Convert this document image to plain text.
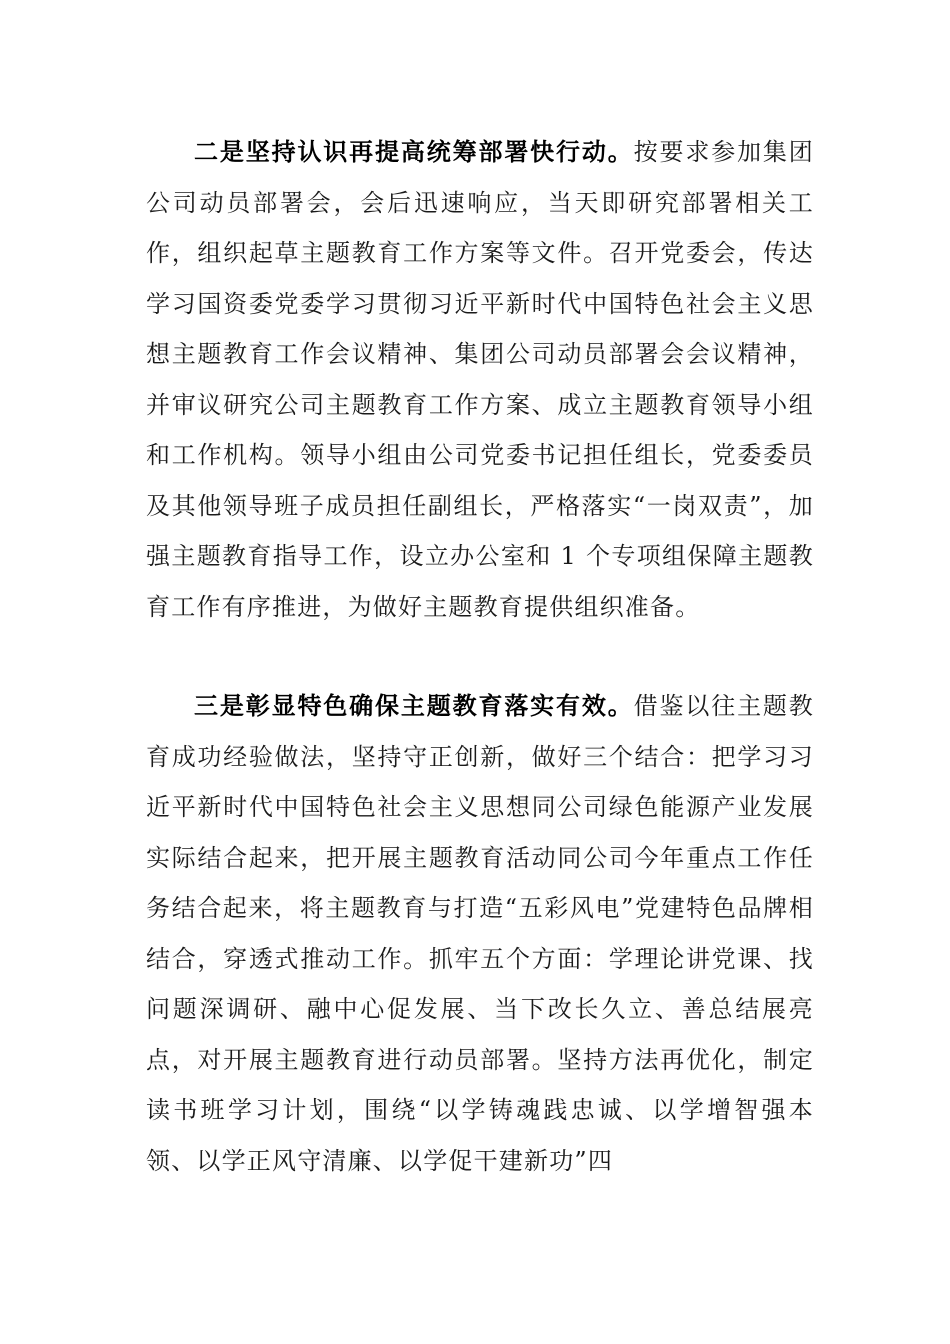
二是坚持认识再提高统筹部署快行动。按要求参加集团公司动员部署会，会后迅速响应，当天即研究部署相关工作，组织起草主题教育工作方案等文件。召开党委会，传达学习国资委党委学习贯彻习近平新时代中国特色社会主义思想主题教育工作会议精神、集团公司动员部署会会议精神，并审议研究公司主题教育工作方案、成立主题教育领导小组和工作机构。领导小组由公司党委书记担任组长，党委委员及其他领导班子成员担任副组长，严格落实“一岗双责”，加强主题教育指导工作，设立办公室和 1 个专项组保障主题教育工作有序推进，为做好主题教育提供组织准备。

三是彰显特色确保主题教育落实有效。借鉴以往主题教育成功经验做法，坚持守正创新，做好三个结合：把学习习近平新时代中国特色社会主义思想同公司绿色能源产业发展实际结合起来，把开展主题教育活动同公司今年重点工作任务结合起来，将主题教育与打造“五彩风电”党建特色品牌相结合，穿透式推动工作。抓牢五个方面：学理论讲党课、找问题深调研、融中心促发展、当下改长久立、善总结展亮点，对开展主题教育进行动员部署。坚持方法再优化，制定读书班学习计划，围绕“以学铸魂践忠诚、以学增智强本领、以学正风守清廉、以学促干建新功”四
